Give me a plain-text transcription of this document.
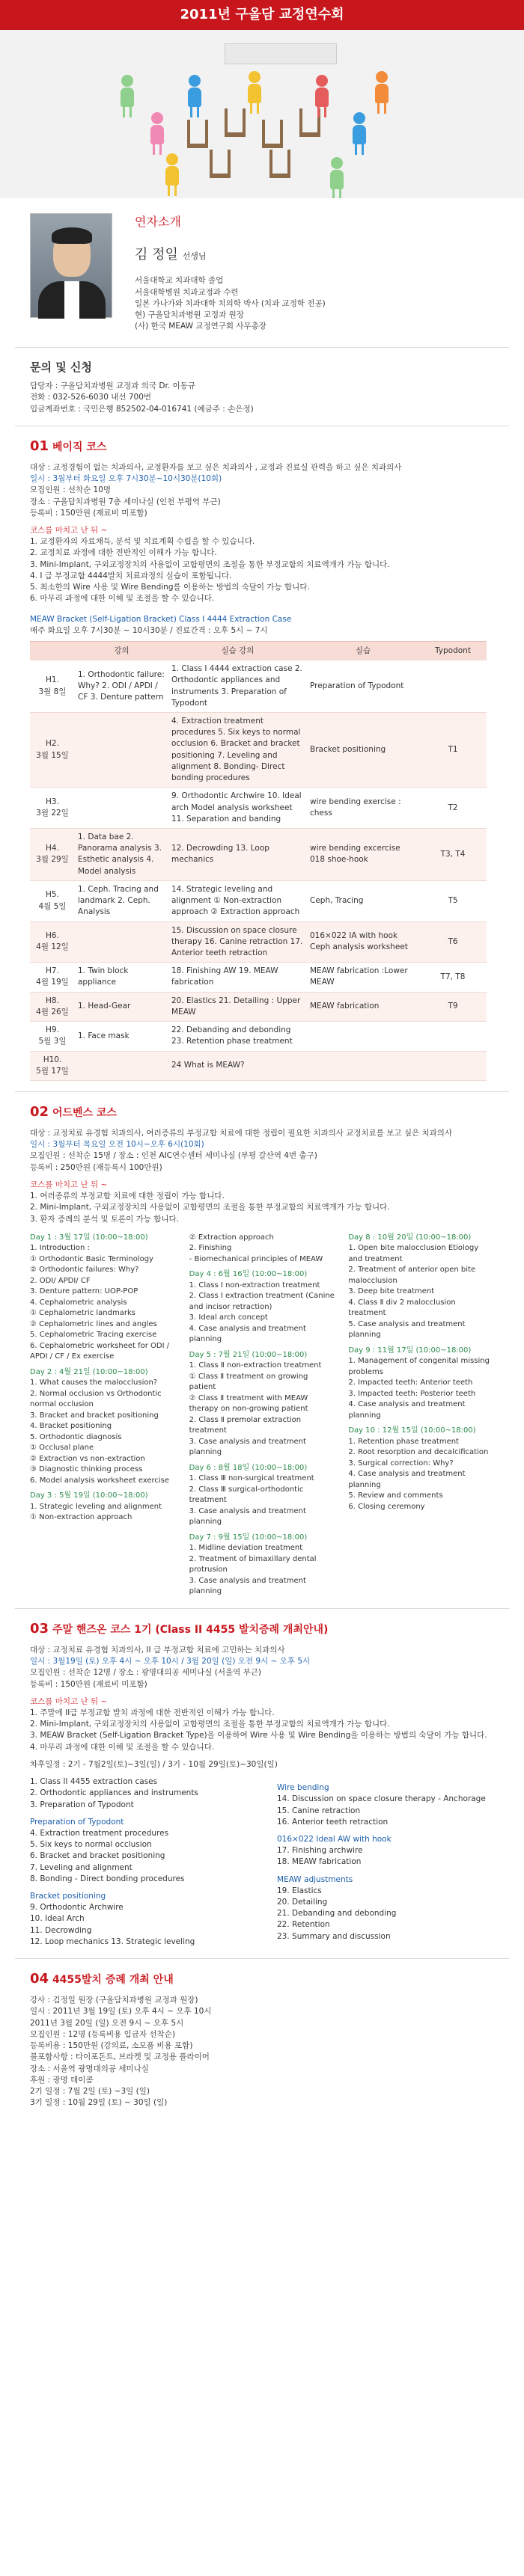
2011년 구올담 교정연수회
연자소개
김 정일 선생님

서울대학교 치과대학 졸업

서울대학병원 치과교정과 수련

일본 가나가와 치과대학 치의학 박사 (치과 교정학 전공)

현) 구올담치과병원 교정과 원장

(사) 한국 MEAW 교정연구회 사무총장

문의 및 신청

담당자 : 구올담치과병원 교정과 의국 Dr. 이동규

전화 : 032-526-6030 내선 700번

입금계좌번호 : 국민은행 852502-04-016741 (예금주 : 손은정)

01 베이직 코스

대상 : 교정경험이 없는 치과의사, 교정환자를 보고 싶은 치과의사 , 교정과 진료실 관력을 하고 싶은 치과의사

일시 : 3월부터 화요일 오후 7시30분~10시30분(10회)

모집인원 : 선착순 10명

장소 : 구올담치과병원 7층 세미나실 (인천 부평역 부근)

등록비 : 150만원 (재료비 미포함)

코스를 마치고 난 뒤 ~

1. 교정환자의 자료채득, 분석 및 치료계획 수립을 할 수 있습니다.

2. 교정치료 과정에 대한 전반적인 이해가 가능 합니다.

3. Mini-Implant, 구외교정장치의 사용없이 교합평면의 조절을 통한 부정교합의 치료액개가 가능 합니다.

4. I 급 부정교합 4444발치 치료과정의 실습이 포함됩니다.

5. 최소한의 Wire 사용 및 Wire Bending를 이용하는 방법의 숙달이 가능 합니다.

6. 마무리 과정에 대한 이해 및 조절을 할 수 있습니다.

MEAW Bracket (Self-Ligation Bracket) Class I 4444 Extraction Case

매주 화요일 오후 7시30분 ~ 10시30분 / 진료간격 : 오후 5시 ~ 7시

	강의	실습 강의	실습	Typodont

H1.
3월 8일	1. Orthodontic failure: Why? 2. ODI / APDI / CF 3. Denture pattern	1. Class I 4444 extraction case 2. Orthodontic appliances and instruments 3. Preparation of Typodont	Preparation of Typodont	

H2.
3월 15일		4. Extraction treatment procedures 5. Six keys to normal occlusion 6. Bracket and bracket positioning 7. Leveling and alignment 8. Bonding- Direct bonding procedures	Bracket positioning	T1

H3.
3월 22일		9. Orthodontic Archwire 10. Ideal arch Model analysis worksheet 11. Separation and banding	wire bending exercise : chess	T2

H4.
3월 29일	1. Data bae 2. Panorama analysis 3. Esthetic analysis 4. Model analysis	12. Decrowding 13. Loop mechanics	wire bending excercise 018 shoe-hook	T3, T4

H5.
4월 5일	1. Ceph. Tracing and landmark 2. Ceph. Analysis	14. Strategic leveling and alignment ① Non-extraction approach ② Extraction approach	Ceph, Tracing	T5

H6.
4월 12일		15. Discussion on space closure therapy 16. Canine retraction 17. Anterior teeth retraction	016×022 IA with hook Ceph analysis worksheet	T6

H7.
4월 19일	1. Twin block appliance	18. Finishing AW 19. MEAW fabrication	MEAW fabrication :Lower MEAW	T7, T8

H8.
4월 26일	1. Head-Gear	20. Elastics 21. Detailing : Upper MEAW	MEAW fabrication	T9

H9.
5월 3일	1. Face mask	22. Debanding and debonding 23. Retention phase treatment		

H10.
5월 17일		24 What is MEAW?		
02 어드벤스 코스

대상 : 교정치료 유경험 치과의사, 여러증류의 부정교합 치료에 대한 정립이 필요한 치과의사 교정치료를 보고 싶은 치과의사

일시 : 3월부터 목요일 오전 10시~오후 6시(10회)

모집인원 : 선착순 15명 / 장소 : 인천 AIC연수센터 세미나실 (부평 갈산역 4번 출구)

등록비 : 250만원 (재등록시 100만원)

코스를 마치고 난 뒤 ~

1. 여러종류의 부정교합 치료에 대한 정립이 가능 합니다.

2. Mini-Implant, 구외교정장치의 사용없이 교합평면의 조절을 통한 부정교합의 치료액개가 가능 합니다.

3. 환자 증례의 분석 및 토론이 가능 합니다.

Day 1 : 3월 17일 (10:00~18:00)

1. Introduction :

① Orthodontic Basic Terminology

② Orthodontic failures: Why?

2. ODI/ APDI/ CF

3. Denture pattern: UOP-POP

4. Cephalometric analysis

① Cephalometric landmarks

② Cephalometric lines and angles

5. Cephalometric Tracing exercise

6. Cephalometric worksheet for ODI / APDI / CF / Ex exercise

Day 2 : 4월 21일 (10:00~18:00)

1. What causes the malocclusion?

2. Normal occlusion vs Orthodontic normal occlusion

3. Bracket and bracket positioning

4. Bracket positioning

5. Orthodontic diagnosis

① Occlusal plane

② Extraction vs non-extraction

③ Diagnostic thinking process

6. Model analysis worksheet exercise

Day 3 : 5월 19일 (10:00~18:00)

1. Strategic leveling and alignment

① Non-extraction approach

② Extraction approach

2. Finishing

- Biomechanical principles of MEAW

Day 4 : 6월 16일 (10:00~18:00)

1. Class Ⅰ non-extraction treatment

2. Class Ⅰ extraction treatment (Canine and incisor retraction)

3. Ideal arch concept

4. Case analysis and treatment planning

Day 5 : 7월 21일 (10:00~18:00)

1. Class Ⅱ non-extraction treatment

① Class Ⅱ treatment on growing patient

② Class Ⅱ treatment with MEAW therapy on non-growing patient

2. Class Ⅱ premolar extraction treatment

3. Case analysis and treatment planning

Day 6 : 8월 18일 (10:00~18:00)

1. Class Ⅲ non-surgical treatment

2. Class Ⅲ surgical-orthodontic treatment

3. Case analysis and treatment planning

Day 7 : 9월 15일 (10:00~18:00)

1. Midline deviation treatment

2. Treatment of bimaxillary dental protrusion

3. Case analysis and treatment planning

Day 8 : 10월 20일 (10:00~18:00)

1. Open bite malocclusion Etiology and treatment

2. Treatment of anterior open bite malocclusion

3. Deep bite treatment

4. Class Ⅱ div 2 malocclusion treatment

5. Case analysis and treatment planning

Day 9 : 11월 17일 (10:00~18:00)

1. Management of congenital missing problems

2. Impacted teeth: Anterior teeth

3. Impacted teeth: Posterior teeth

4. Case analysis and treatment planning

Day 10 : 12월 15일 (10:00~18:00)

1. Retention phase treatment

2. Root resorption and decalcification

3. Surgical correction: Why?

4. Case analysis and treatment planning

5. Review and comments

6. Closing ceremony

03 주말 핸즈온 코스 1기 (Class II 4455 발치증례 개최안내)

대상 : 교정치료 유경험 치과의사, II 급 부정교합 치료에 고민하는 치과의사

일시 : 3월19일 (토) 오후 4시 ~ 오후 10시 / 3월 20일 (일) 오전 9시 ~ 오후 5시

모집인원 : 선착순 12명 / 장소 : 광명대의공 세미나실 (서울역 부근)

등록비 : 150만원 (재료비 미포함)

코스를 마치고 난 뒤 ~

1. 주말에 II급 부정교합 발치 과정에 대한 전반적인 이해가 가능 합니다.

2. Mini-Implant, 구외교정장치의 사용없이 교합평면의 조절을 통한 부정교합의 치료액개가 가능 합니다.

3. MEAW Bracket (Self-Ligation Bracket Type)을 이용하여 Wire 사용 및 Wire Bending을 이용하는 방법의 숙달이 가능 합니다.

4. 마무리 과정에 대한 이해 및 조절을 할 수 있습니다.

차후일정 : 2기 - 7월2일(토)~3일(일) / 3기 - 10월 29일(토)~30일(일)

1. Class II 4455 extraction cases

2. Orthodontic appliances and instruments

3. Preparation of Typodont

Preparation of Typodont

4. Extraction treatment procedures

5. Six keys to normal occlusion

6. Bracket and bracket positioning

7. Leveling and alignment

8. Bonding - Direct bonding procedures

Bracket positioning

9. Orthodontic Archwire

10. Ideal Arch

11. Decrowding

12. Loop mechanics 13. Strategic leveling

Wire bending

14. Discussion on space closure therapy - Anchorage

15. Canine retraction

16. Anterior teeth retraction

016×022 Ideal AW with hook

17. Finishing archwire

18. MEAW fabrication

MEAW adjustments

19. Elastics

20. Detailing

21. Debanding and debonding

22. Retention

23. Summary and discussion

04 4455발치 증례 개최 안내

강사 : 김정일 원장 (구올담치과병원 교정과 원장)

일시 : 2011년 3월 19일 (토) 오후 4시 ~ 오후 10시

2011년 3월 20일 (일) 오전 9시 ~ 오후 5시

모집인원 : 12명 (등록비용 입금자 선착순)

등록비용 : 150만원 (강의료, 소모품 비용 포함)

불포함사항 : 타이포돈트, 브라켓 및 교정용 플라이어

장소 : 서울역 광명대의공 세미나실

후원 : 광명 데이콤

2기 일정 : 7월 2일 (토) ~3일 (일)

3기 일정 : 10월 29일 (토) ~ 30일 (일)
